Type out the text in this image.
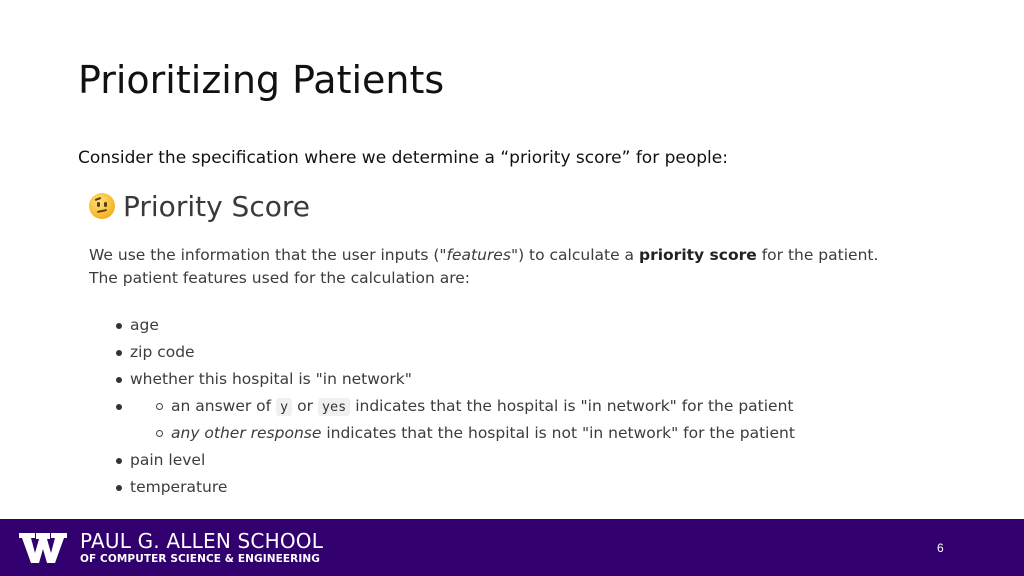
Prioritizing Patients
Consider the specification where we determine a “priority score” for people:
Priority Score
We use the information that the user inputs ("features") to calculate a priority score for the patient. The patient features used for the calculation are:
age
zip code
whether this hospital is "in network"
an answer of y or yes indicates that the hospital is "in network" for the patient
any other response indicates that the hospital is not "in network" for the patient
pain level
temperature
PAUL G. ALLEN SCHOOL
OF COMPUTER SCIENCE & ENGINEERING
6
